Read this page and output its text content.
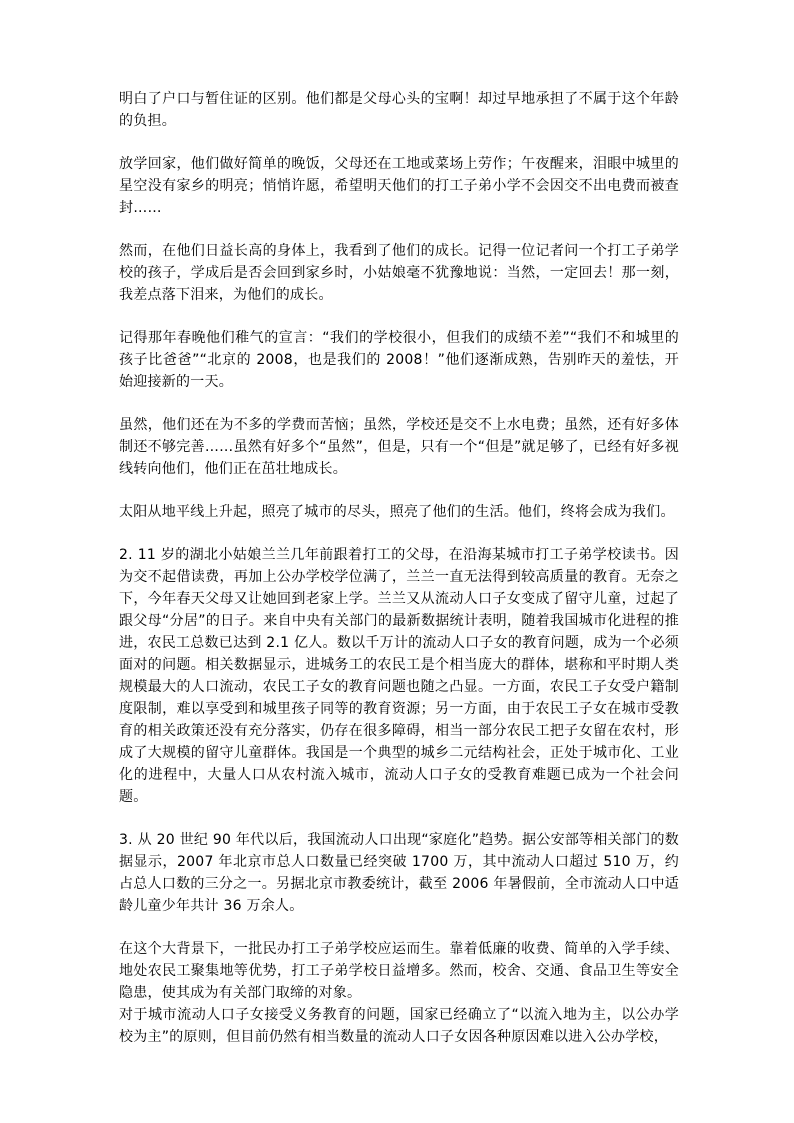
明白了户口与暂住证的区别。他们都是父母心头的宝啊！却过早地承担了不属于这个年龄的负担。

放学回家，他们做好简单的晚饭，父母还在工地或菜场上劳作；午夜醒来，泪眼中城里的星空没有家乡的明亮；悄悄许愿，希望明天他们的打工子弟小学不会因交不出电费而被查封……

然而，在他们日益长高的身体上，我看到了他们的成长。记得一位记者问一个打工子弟学校的孩子，学成后是否会回到家乡时，小姑娘毫不犹豫地说：当然，一定回去！那一刻，我差点落下泪来，为他们的成长。

记得那年春晚他们稚气的宣言：“我们的学校很小，但我们的成绩不差”“我们不和城里的孩子比爸爸”“北京的 2008，也是我们的 2008！”他们逐渐成熟，告别昨天的羞怯，开始迎接新的一天。

虽然，他们还在为不多的学费而苦恼；虽然，学校还是交不上水电费；虽然，还有好多体制还不够完善……虽然有好多个“虽然”，但是，只有一个“但是”就足够了，已经有好多视线转向他们，他们正在茁壮地成长。

太阳从地平线上升起，照亮了城市的尽头，照亮了他们的生活。他们，终将会成为我们。

2. 11 岁的湖北小姑娘兰兰几年前跟着打工的父母，在沿海某城市打工子弟学校读书。因为交不起借读费，再加上公办学校学位满了，兰兰一直无法得到较高质量的教育。无奈之下，今年春天父母又让她回到老家上学。兰兰又从流动人口子女变成了留守儿童，过起了跟父母“分居”的日子。来自中央有关部门的最新数据统计表明，随着我国城市化进程的推进，农民工总数已达到 2.1 亿人。数以千万计的流动人口子女的教育问题，成为一个必须面对的问题。相关数据显示，进城务工的农民工是个相当庞大的群体，堪称和平时期人类规模最大的人口流动，农民工子女的教育问题也随之凸显。一方面，农民工子女受户籍制度限制，难以享受到和城里孩子同等的教育资源；另一方面，由于农民工子女在城市受教育的相关政策还没有充分落实，仍存在很多障碍，相当一部分农民工把子女留在农村，形成了大规模的留守儿童群体。我国是一个典型的城乡二元结构社会，正处于城市化、工业化的进程中，大量人口从农村流入城市，流动人口子女的受教育难题已成为一个社会问题。

3. 从 20 世纪 90 年代以后，我国流动人口出现“家庭化”趋势。据公安部等相关部门的数据显示，2007 年北京市总人口数量已经突破 1700 万，其中流动人口超过 510 万，约占总人口数的三分之一。另据北京市教委统计，截至 2006 年暑假前，全市流动人口中适龄儿童少年共计 36 万余人。

在这个大背景下，一批民办打工子弟学校应运而生。靠着低廉的收费、简单的入学手续、地处农民工聚集地等优势，打工子弟学校日益增多。然而，校舍、交通、食品卫生等安全隐患，使其成为有关部门取缔的对象。

对于城市流动人口子女接受义务教育的问题，国家已经确立了“以流入地为主，以公办学校为主”的原则，但目前仍然有相当数量的流动人口子女因各种原因难以进入公办学校，
